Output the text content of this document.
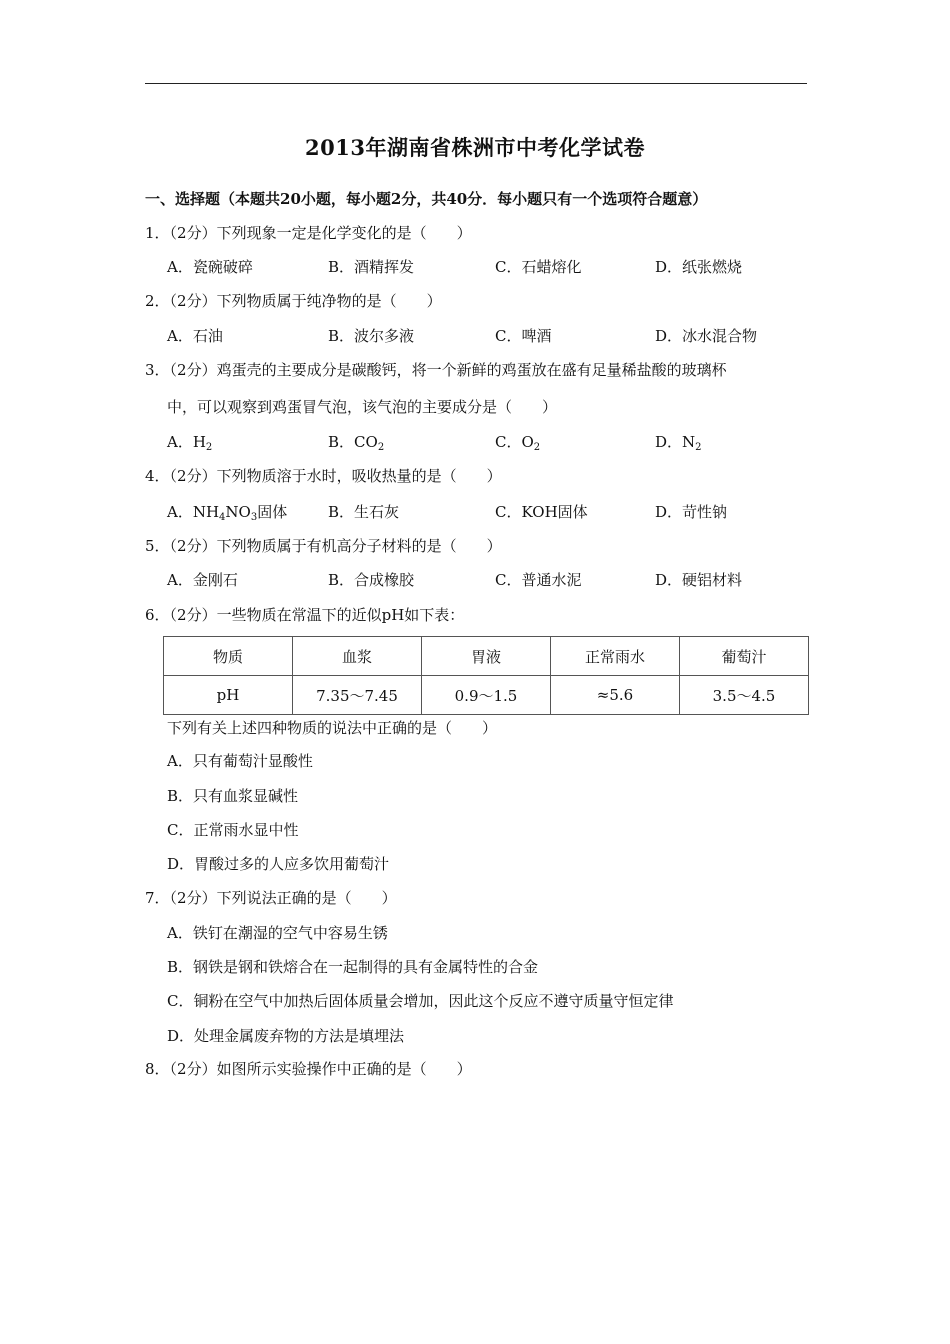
2013年湖南省株洲市中考化学试卷
一、选择题（本题共20小题，每小题2分，共40分．每小题只有一个选项符合题意）
1．（2分）下列现象一定是化学变化的是（　　）
A．瓷碗破碎	B．酒精挥发	C．石蜡熔化	D．纸张燃烧
2．（2分）下列物质属于纯净物的是（　　）
A．石油	B．波尔多液	C．啤酒	D．冰水混合物
3．（2分）鸡蛋壳的主要成分是碳酸钙，将一个新鲜的鸡蛋放在盛有足量稀盐酸的玻璃杯
中，可以观察到鸡蛋冒气泡，该气泡的主要成分是（　　）
A．$H_2$	B．$CO_2$	C．$O_2$	D．$N_2$
4．（2分）下列物质溶于水时，吸收热量的是（　　）
A．$NH_4NO_3$固体	B．生石灰	C．KOH固体	D．苛性钠
5．（2分）下列物质属于有机高分子材料的是（　　）
A．金刚石	B．合成橡胶	C．普通水泥	D．硬铝材料
6．（2分）一些物质在常温下的近似pH如下表：
物质	血浆	胃液	正常雨水	葡萄汁
pH	7.35～7.45	0.9～1.5	≈5.6	3.5～4.5
下列有关上述四种物质的说法中正确的是（　　）
A．只有葡萄汁显酸性
B．只有血浆显碱性
C．正常雨水显中性
D．胃酸过多的人应多饮用葡萄汁
7．（2分）下列说法正确的是（　　）
A．铁钉在潮湿的空气中容易生锈
B．钢铁是钢和铁熔合在一起制得的具有金属特性的合金
C．铜粉在空气中加热后固体质量会增加，因此这个反应不遵守质量守恒定律
D．处理金属废弃物的方法是填埋法
8．（2分）如图所示实验操作中正确的是（　　）
